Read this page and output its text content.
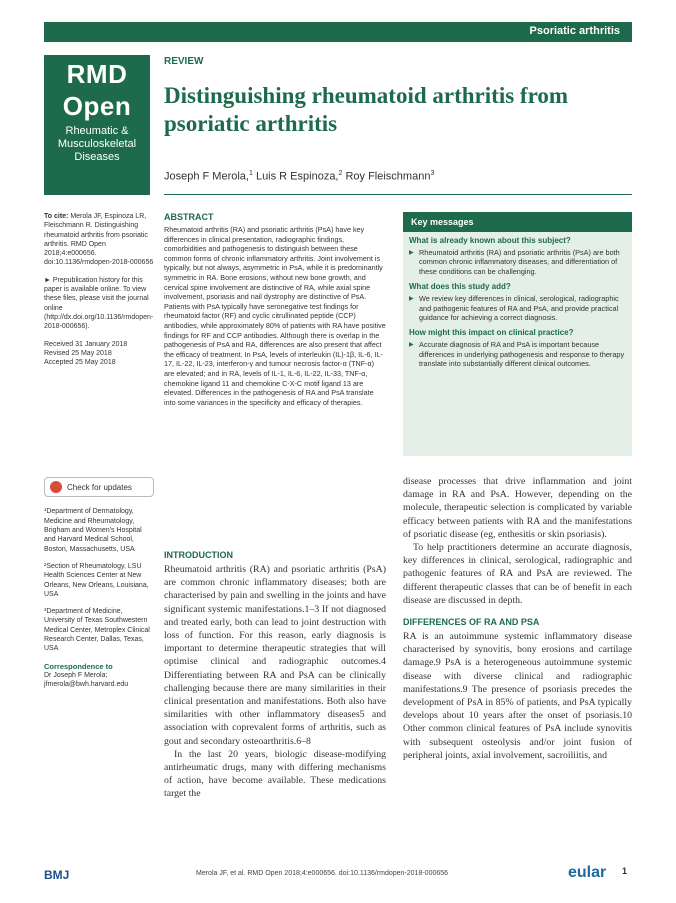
Psoriatic arthritis
RMD
Open
Rheumatic & Musculoskeletal Diseases
REVIEW
Distinguishing rheumatoid arthritis from psoriatic arthritis
Joseph F Merola,$^1$ Luis R Espinoza,$^2$ Roy Fleischmann$^3$

To cite: Merola JF, Espinoza LR, Fleischmann R. Distinguishing rheumatoid arthritis from psoriatic arthritis. RMD Open 2018;4:e000656. doi:10.1136/rmdopen-2018-000656

► Prepublication history for this paper is available online. To view these files, please visit the journal online (http://dx.doi.org/10.1136/rmdopen-2018-000656).

Received 31 January 2018
Revised 25 May 2018
Accepted 25 May 2018
Check for updates

¹Department of Dermatology, Medicine and Rheumatology, Brigham and Women's Hospital and Harvard Medical School, Boston, Massachusetts, USA

²Section of Rheumatology, LSU Health Sciences Center at New Orleans, New Orleans, Louisiana, USA

³Department of Medicine, University of Texas Southwestern Medical Center, Metroplex Clinical Research Center, Dallas, Texas, USA

Correspondence to
Dr Joseph F Merola; jfmerola@bwh.harvard.edu
ABSTRACT
Rheumatoid arthritis (RA) and psoriatic arthritis (PsA) have key differences in clinical presentation, radiographic findings, comorbidities and pathogenesis to distinguish between these common forms of chronic inflammatory arthritis. Joint involvement is typically, but not always, asymmetric in PsA, while it is predominantly symmetric in RA. Bone erosions, without new bone growth, and cervical spine involvement are distinctive of RA, while axial spine involvement, psoriasis and nail dystrophy are distinctive of PsA. Patients with PsA typically have seronegative test findings for rheumatoid factor (RF) and cyclic citrullinated peptide (CCP) antibodies, while approximately 80% of patients with RA have positive findings for RF and CCP antibodies. Although there is overlap in the pathogenesis of PsA and RA, differences are also present that affect the efficacy of treatment. In PsA, levels of interleukin (IL)-1β, IL-6, IL-17, IL-22, IL-23, interferon-γ and tumour necrosis factor-α (TNF-α) are elevated; and in RA, levels of IL-1, IL-6, IL-22, IL-33, TNF-α, chemokine ligand 11 and chemokine C-X-C motif ligand 13 are elevated. Differences in the pathogenesis of RA and PsA translate into some variances in the specificity and efficacy of therapies.
Key messages
What is already known about this subject?
▶ Rheumatoid arthritis (RA) and psoriatic arthritis (PsA) are both common chronic inflammatory diseases, and differentiation of these conditions can be challenging.
What does this study add?
▶ We review key differences in clinical, serological, radiographic and pathogenic features of RA and PsA, and provide practical guidance for achieving a correct diagnosis.
How might this impact on clinical practice?
▶ Accurate diagnosis of RA and PsA is important because differences in underlying pathogenesis and response to therapy translate into substantially different clinical outcomes.
INTRODUCTION

Rheumatoid arthritis (RA) and psoriatic arthritis (PsA) are common chronic inflammatory diseases; both are characterised by pain and swelling in the joints and have significant systemic manifestations.1–3 If not diagnosed and treated early, both can lead to joint destruction with loss of function. For this reason, early diagnosis is important to determine therapeutic strategies that will optimise clinical and radiographic outcomes.4 Differentiating between RA and PsA can be clinically challenging because there are many similarities in their clinical presentation and manifestations. Both also have similarities with other inflammatory diseases5 and association with coprevalent forms of arthritis, such as gout and secondary osteoarthritis.6–8

In the last 20 years, biologic disease-modifying antirheumatic drugs, many with differing mechanisms of action, have become available. These medications target the

disease processes that drive inflammation and joint damage in RA and PsA. However, depending on the molecule, therapeutic selection is complicated by variable efficacy between patients with RA and the manifestations of psoriatic disease (eg, enthesitis or skin psoriasis).

To help practitioners determine an accurate diagnosis, key differences in clinical, serological, radiographic and pathogenic features of RA and PsA are reviewed. The different therapeutic classes that can be of benefit in each disease are discussed in depth.

DIFFERENCES OF RA AND PSA

RA is an autoimmune systemic inflammatory disease characterised by synovitis, bony erosions and cartilage damage.9 PsA is a heterogeneous autoimmune systemic disease with diverse clinical and radiographic manifestations.9 The presence of psoriasis precedes the development of PsA in 85% of patients, and PsA typically develops about 10 years after the onset of psoriasis.10 Other common clinical features of PsA include synovitis with subsequent osteolysis and/or joint fusion of peripheral joints, axial involvement, sacroiliitis, and

BMJ	Merola JF, et al. RMD Open 2018;4:e000656. doi:10.1136/rmdopen-2018-000656	eular 1
